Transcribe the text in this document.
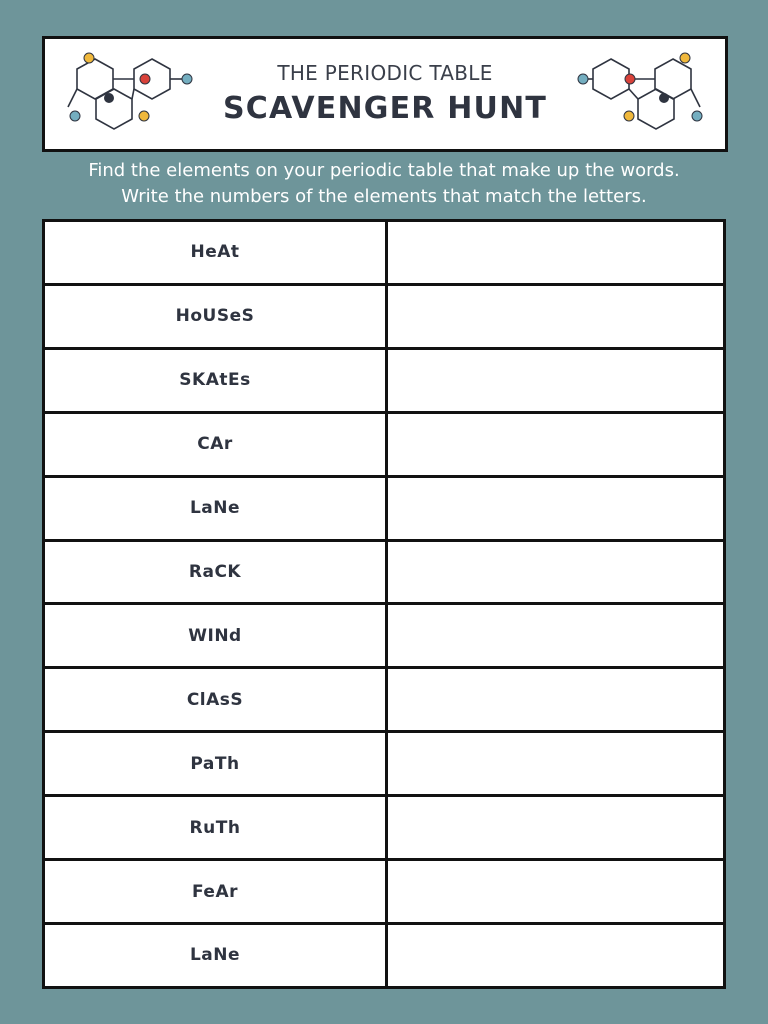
THE PERIODIC TABLE
SCAVENGER HUNT
Find the elements on your periodic table that make up the words.
Write the numbers of the elements that match the letters.
HeAt	
HoUSeS	
SKAtEs	
CAr	
LaNe	
RaCK	
WINd	
ClAsS	
PaTh	
RuTh	
FeAr	
LaNe	
